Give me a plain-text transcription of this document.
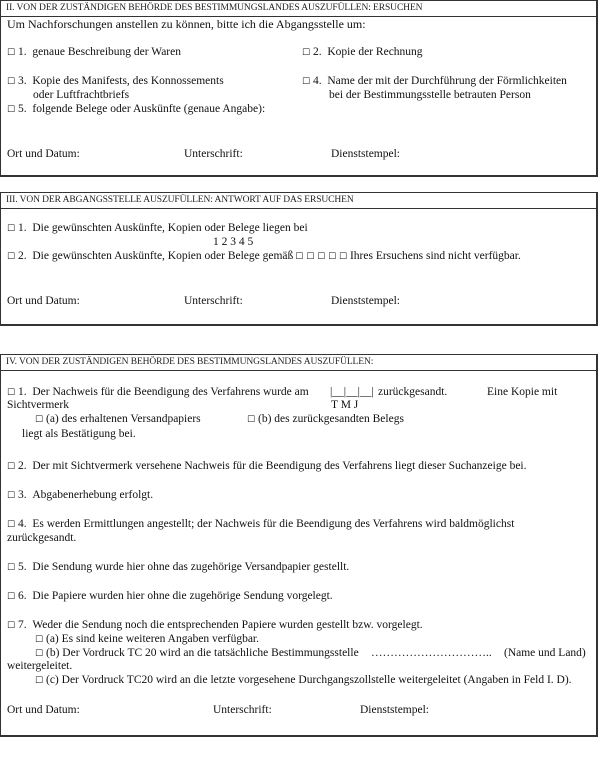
II. VON DER ZUSTÄNDIGEN BEHÖRDE DES BESTIMMUNGSLANDES AUSZUFÜLLEN: ERSUCHEN
Um Nachforschungen anstellen zu können, bitte ich die Abgangsstelle um:
☐ 1. genaue Beschreibung der Waren	☐ 2. Kopie der Rechnung
☐ 3. Kopie des Manifests, des Konnossements
oder Luftfrachtbriefs
☐ 4. Name der mit der Durchführung der Förmlichkeiten
bei der Bestimmungsstelle betrauten Person
☐ 5. folgende Belege oder Auskünfte (genaue Angabe):
Ort und Datum:	Unterschrift:	Dienststempel:
III. VON DER ABGANGSSTELLE AUSZUFÜLLEN: ANTWORT AUF DAS ERSUCHEN
☐ 1. Die gewünschten Auskünfte, Kopien oder Belege liegen bei
1 2 3 4 5
☐ 2. Die gewünschten Auskünfte, Kopien oder Belege gemäß ☐ ☐ ☐ ☐ ☐ Ihres Ersuchens sind nicht verfügbar.
Ort und Datum:	Unterschrift:	Dienststempel:
IV. VON DER ZUSTÄNDIGEN BEHÖRDE DES BESTIMMUNGSLANDES AUSZUFÜLLEN:
☐ 1. Der Nachweis für die Beendigung des Verfahrens wurde am |__|__|__| zurückgesandt.	Eine Kopie mit
Sichtvermerk	T M J
☐ (a) des erhaltenen Versandpapiers	☐ (b) des zurückgesandten Belegs
liegt als Bestätigung bei.
☐ 2. Der mit Sichtvermerk versehene Nachweis für die Beendigung des Verfahrens liegt dieser Suchanzeige bei.
☐ 3. Abgabenerhebung erfolgt.
☐ 4. Es werden Ermittlungen angestellt; der Nachweis für die Beendigung des Verfahrens wird baldmöglichst
zurückgesandt.
☐ 5. Die Sendung wurde hier ohne das zugehörige Versandpapier gestellt.
☐ 6. Die Papiere wurden hier ohne die zugehörige Sendung vorgelegt.
☐ 7. Weder die Sendung noch die entsprechenden Papiere wurden gestellt bzw. vorgelegt.
☐ (a) Es sind keine weiteren Angaben verfügbar.
☐ (b) Der Vordruck TC 20 wird an die tatsächliche Bestimmungsstelle ………………………….. (Name und Land)
weitergeleitet.
☐ (c) Der Vordruck TC20 wird an die letzte vorgesehene Durchgangszollstelle weitergeleitet (Angaben in Feld I. D).
Ort und Datum:	Unterschrift:	Dienststempel:
